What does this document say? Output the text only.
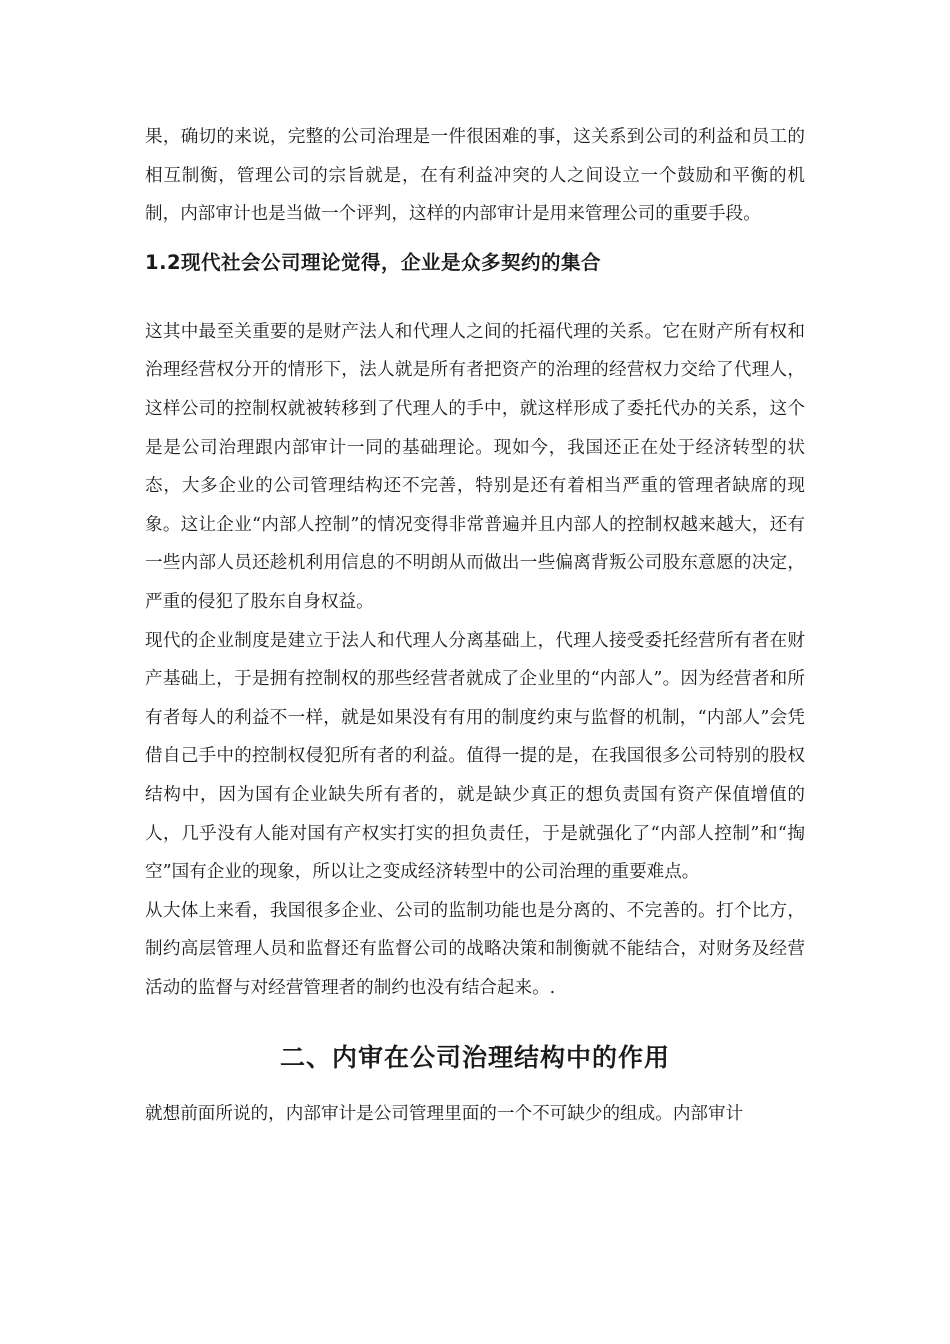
果，确切的来说，完整的公司治理是一件很困难的事，这关系到公司的利益和员工的相互制衡，管理公司的宗旨就是，在有利益冲突的人之间设立一个鼓励和平衡的机制，内部审计也是当做一个评判，这样的内部审计是用来管理公司的重要手段。

1.2现代社会公司理论觉得，企业是众多契约的集合

这其中最至关重要的是财产法人和代理人之间的托福代理的关系。它在财产所有权和治理经营权分开的情形下，法人就是所有者把资产的治理的经营权力交给了代理人，这样公司的控制权就被转移到了代理人的手中，就这样形成了委托代办的关系，这个是是公司治理跟内部审计一同的基础理论。现如今，我国还正在处于经济转型的状态，大多企业的公司管理结构还不完善，特别是还有着相当严重的管理者缺席的现象。这让企业“内部人控制”的情况变得非常普遍并且内部人的控制权越来越大，还有一些内部人员还趁机利用信息的不明朗从而做出一些偏离背叛公司股东意愿的决定，严重的侵犯了股东自身权益。

现代的企业制度是建立于法人和代理人分离基础上，代理人接受委托经营所有者在财产基础上，于是拥有控制权的那些经营者就成了企业里的“内部人”。因为经营者和所有者每人的利益不一样，就是如果没有有用的制度约束与监督的机制，“内部人”会凭借自己手中的控制权侵犯所有者的利益。值得一提的是，在我国很多公司特别的股权结构中，因为国有企业缺失所有者的，就是缺少真正的想负责国有资产保值增值的人，几乎没有人能对国有产权实打实的担负责任，于是就强化了“内部人控制”和“掏空”国有企业的现象，所以让之变成经济转型中的公司治理的重要难点。

从大体上来看，我国很多企业、公司的监制功能也是分离的、不完善的。打个比方，制约高层管理人员和监督还有监督公司的战略决策和制衡就不能结合，对财务及经营活动的监督与对经营管理者的制约也没有结合起来。.

二、内审在公司治理结构中的作用

就想前面所说的，内部审计是公司管理里面的一个不可缺少的组成。内部审计
